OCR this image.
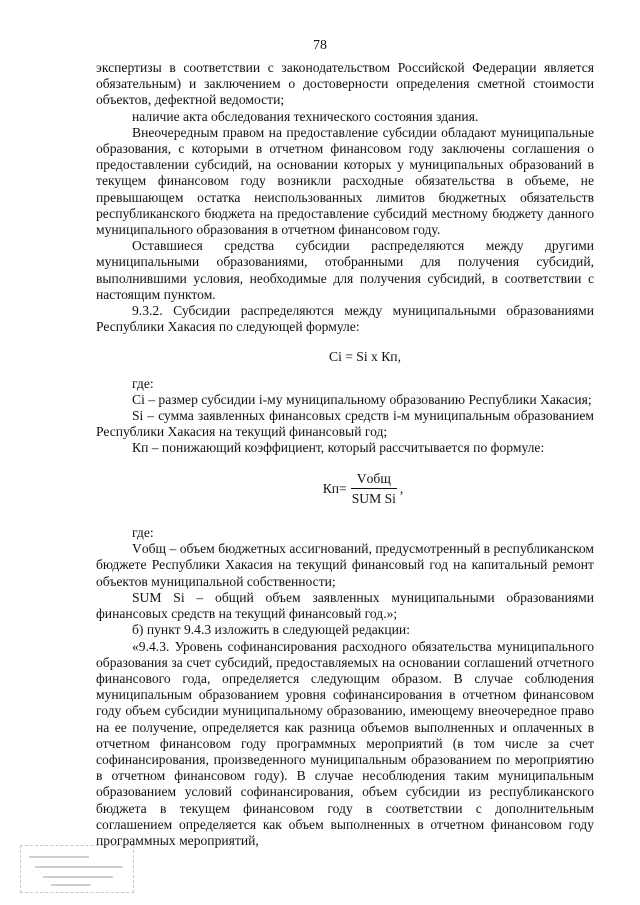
78

экспертизы в соответствии с законодательством Российской Федерации является обязательным) и заключением о достоверности определения сметной стоимости объектов, дефектной ведомости;

наличие акта обследования технического состояния здания.

Внеочередным правом на предоставление субсидии обладают муниципальные образования, с которыми в отчетном финансовом году заключены соглашения о предоставлении субсидий, на основании которых у муниципальных образований в текущем финансовом году возникли расходные обязательства в объеме, не превышающем остатка неиспользованных лимитов бюджетных обязательств республиканского бюджета на предоставление субсидий местному бюджету данного муниципального образования в отчетном финансовом году.

Оставшиеся средства субсидии распределяются между другими муниципальными образованиями, отобранными для получения субсидий, выполнившими условия, необходимые для получения субсидий, в соответствии с настоящим пунктом.

9.3.2. Субсидии распределяются между муниципальными образованиями Республики Хакасия по следующей формуле:

Ci = Si x Кп,

где:

Ci – размер субсидии i-му муниципальному образованию Республики Хакасия;

Si – сумма заявленных финансовых средств i-м муниципальным образованием Республики Хакасия на текущий финансовый год;

Кп – понижающий коэффициент, который рассчитывается по формуле:

$Кп= \frac{\text{Vобщ}}{\text{SUM Si}}$ ,

где:

Vобщ – объем бюджетных ассигнований, предусмотренный в республиканском бюджете Республики Хакасия на текущий финансовый год на капитальный ремонт объектов муниципальной собственности;

SUM Si – общий объем заявленных муниципальными образованиями финансовых средств на текущий финансовый год.»;

б) пункт 9.4.3 изложить в следующей редакции:

«9.4.3. Уровень софинансирования расходного обязательства муниципального образования за счет субсидий, предоставляемых на основании соглашений отчетного финансового года, определяется следующим образом. В случае соблюдения муниципальным образованием уровня софинансирования в отчетном финансовом году объем субсидии муниципальному образованию, имеющему внеочередное право на ее получение, определяется как разница объемов выполненных и оплаченных в отчетном финансовом году программных мероприятий (в том числе за счет софинансирования, произведенного муниципальным образованием по мероприятию в отчетном финансовом году). В случае несоблюдения таким муниципальным образованием условий софинансирования, объем субсидии из республиканского бюджета в текущем финансовом году в соответствии с дополнительным соглашением определяется как объем выполненных в отчетном финансовом году программных мероприятий,
